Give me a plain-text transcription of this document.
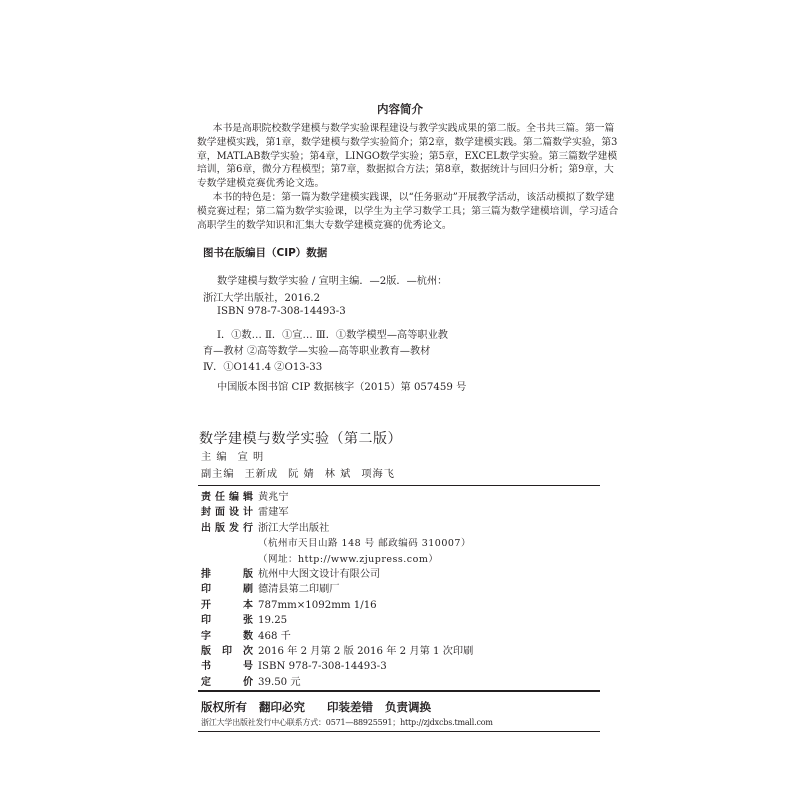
内容简介

本书是高职院校数学建模与数学实验课程建设与教学实践成果的第二版。全书共三篇。第一篇数学建模实践，第1章，数学建模与数学实验简介；第2章，数学建模实践。第二篇数学实验，第3章，MATLAB数学实验；第4章，LINGO数学实验；第5章，EXCEL数学实验。第三篇数学建模培训，第6章，微分方程模型；第7章，数据拟合方法；第8章，数据统计与回归分析；第9章，大专数学建模竞赛优秀论文选。

本书的特色是：第一篇为数学建模实践课，以“任务驱动”开展教学活动，该活动模拟了数学建模竞赛过程；第二篇为数学实验课，以学生为主学习数学工具；第三篇为数学建模培训，学习适合高职学生的数学知识和汇集大专数学建模竞赛的优秀论文。

图书在版编目（CIP）数据
数学建模与数学实验 / 宣明主编．—2版．—杭州：
浙江大学出版社，2016.2
ISBN 978-7-308-14493-3
Ⅰ．①数… Ⅱ．①宣… Ⅲ．①数学模型—高等职业教
育—教材 ②高等数学—实验—高等职业教育—教材
Ⅳ．①O141.4 ②O13-33
中国版本图书馆 CIP 数据核字（2015）第 057459 号
数学建模与数学实验（第二版）
主 编 宣 明
副主编 王新成 阮 婧 林 斌 项海飞
责任编辑 黄兆宁
封面设计 雷建军
出版发行 浙江大学出版社
（杭州市天目山路 148 号 邮政编码 310007）
（网址：http://www.zjupress.com）
排版 杭州中大图文设计有限公司
印刷 德清县第二印刷厂
开本 787mm×1092mm 1/16
印张 19.25
字数 468 千
版印次 2016 年 2 月第 2 版 2016 年 2 月第 1 次印刷
书号 ISBN 978-7-308-14493-3
定价 39.50 元
版权所有 翻印必究 印装差错 负责调换
浙江大学出版社发行中心联系方式：0571—88925591；http://zjdxcbs.tmall.com
